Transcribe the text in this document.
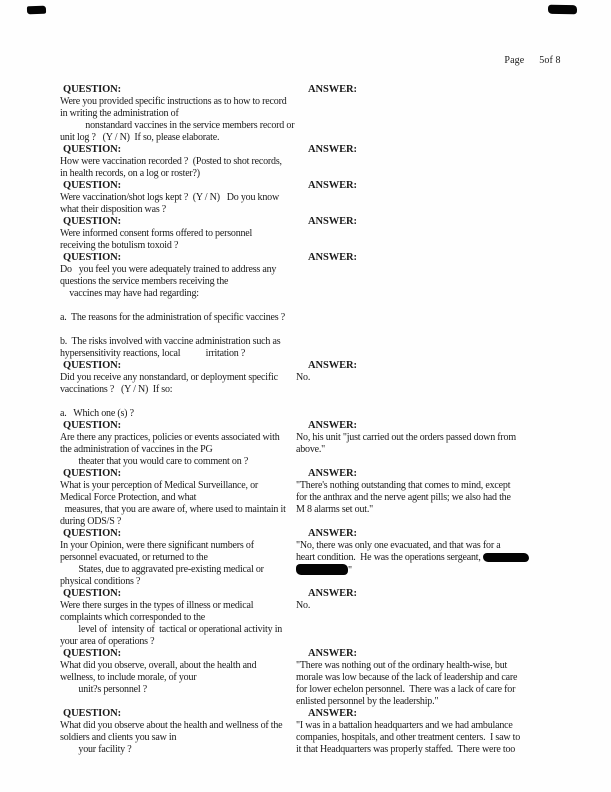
Page 5of 8

QUESTION:
Were you provided specific instructions as to how to record
in writing the administration of
nonstandard vaccines in the service members record or
unit log ?   (Y / N)  If so, please elaborate.
ANSWER:
QUESTION:
How were vaccination recorded ?  (Posted to shot records,
in health records, on a log or roster?)
ANSWER:
QUESTION:
Were vaccination/shot logs kept ?  (Y / N)   Do you know
what their disposition was ?
ANSWER:
QUESTION:
Were informed consent forms offered to personnel
receiving the botulism toxoid ?
ANSWER:
QUESTION:
Do   you feel you were adequately trained to address any
questions the service members receiving the
vaccines may have had regarding:
ANSWER:
a.  The reasons for the administration of specific vaccines ?
b.  The risks involved with vaccine administration such as
hypersensitivity reactions, local           irritation ?
QUESTION:
Did you receive any nonstandard, or deployment specific
vaccinations ?   (Y / N)  If so:
ANSWER:
No.
a.   Which one (s) ?
QUESTION:
Are there any practices, policies or events associated with
the administration of vaccines in the PG
theater that you would care to comment on ?
ANSWER:
No, his unit "just carried out the orders passed down from
above."
QUESTION:
What is your perception of Medical Surveillance, or
Medical Force Protection, and what
measures, that you are aware of, where used to maintain it
during ODS/S ?
ANSWER:
"There's nothing outstanding that comes to mind, except
for the anthrax and the nerve agent pills; we also had the
M 8 alarms set out."
QUESTION:
In your Opinion, were there significant numbers of
personnel evacuated, or returned to the
States, due to aggravated pre-existing medical or
physical conditions ?
ANSWER:
"No, there was only one evacuated, and that was for a
heart condition.  He was the operations sergeant,
"
QUESTION:
Were there surges in the types of illness or medical
complaints which corresponded to the
level of  intensity of  tactical or operational activity in
your area of operations ?
ANSWER:
No.
QUESTION:
What did you observe, overall, about the health and
wellness, to include morale, of your
unit?s personnel ?
ANSWER:
"There was nothing out of the ordinary health-wise, but
morale was low because of the lack of leadership and care
for lower echelon personnel.  There was a lack of care for
enlisted personnel by the leadership."
QUESTION:
What did you observe about the health and wellness of the
soldiers and clients you saw in
your facility ?
ANSWER:
"I was in a battalion headquarters and we had ambulance
companies, hospitals, and other treatment centers.  I saw to
it that Headquarters was properly staffed.  There were too
